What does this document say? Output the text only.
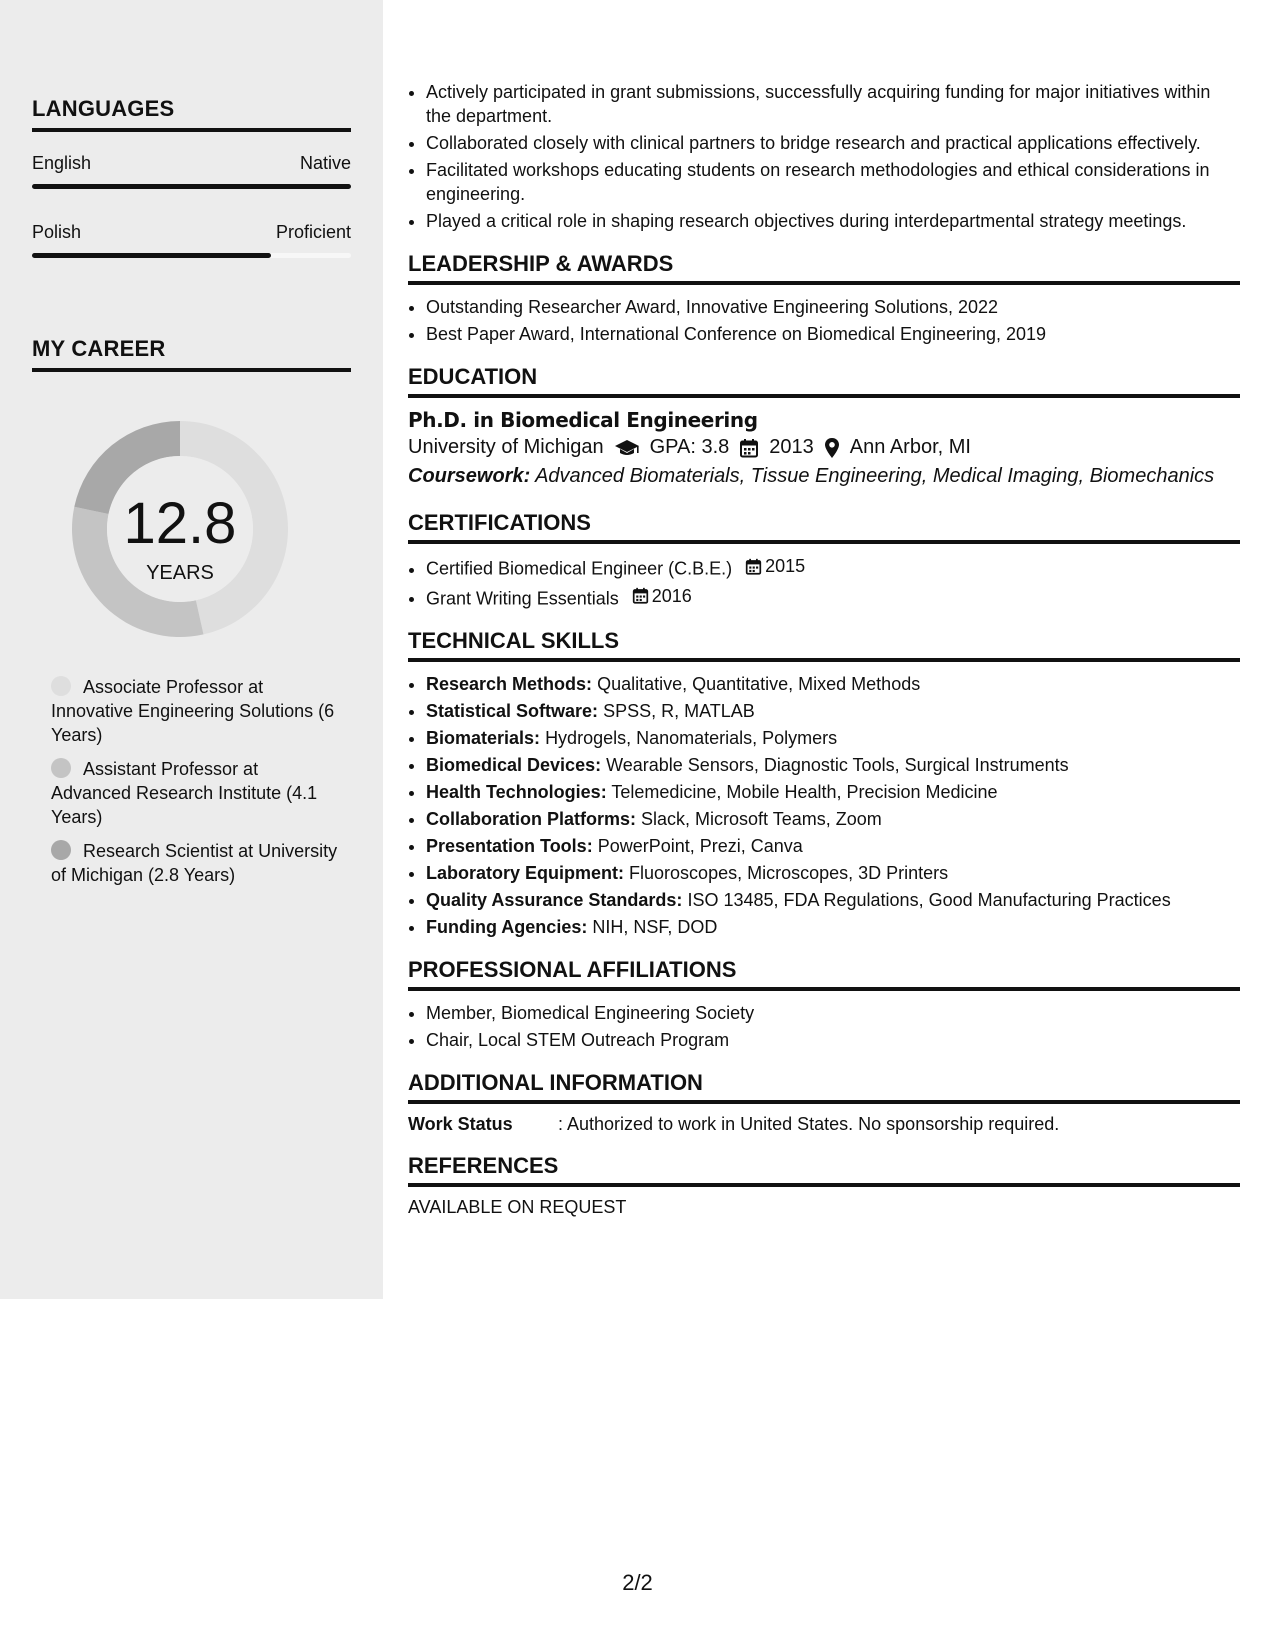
LANGUAGES
English	Native
Polish	Proficient
MY CAREER
12.8
YEARS
Associate Professor at Innovative Engineering Solutions (6 Years)
Assistant Professor at Advanced Research Institute (4.1 Years)
Research Scientist at University of Michigan (2.8 Years)
• Actively participated in grant submissions, successfully acquiring funding for major initiatives within the department.
• Collaborated closely with clinical partners to bridge research and practical applications effectively.
• Facilitated workshops educating students on research methodologies and ethical considerations in engineering.
• Played a critical role in shaping research objectives during interdepartmental strategy meetings.
LEADERSHIP & AWARDS
• Outstanding Researcher Award, Innovative Engineering Solutions, 2022
• Best Paper Award, International Conference on Biomedical Engineering, 2019
EDUCATION
Ph.D. in Biomedical Engineering
University of Michigan GPA: 3.8 2013 Ann Arbor, MI
Coursework: Advanced Biomaterials, Tissue Engineering, Medical Imaging, Biomechanics
CERTIFICATIONS
• Certified Biomedical Engineer (C.B.E.) 2015
• Grant Writing Essentials 2016
TECHNICAL SKILLS
• Research Methods: Qualitative, Quantitative, Mixed Methods
• Statistical Software: SPSS, R, MATLAB
• Biomaterials: Hydrogels, Nanomaterials, Polymers
• Biomedical Devices: Wearable Sensors, Diagnostic Tools, Surgical Instruments
• Health Technologies: Telemedicine, Mobile Health, Precision Medicine
• Collaboration Platforms: Slack, Microsoft Teams, Zoom
• Presentation Tools: PowerPoint, Prezi, Canva
• Laboratory Equipment: Fluoroscopes, Microscopes, 3D Printers
• Quality Assurance Standards: ISO 13485, FDA Regulations, Good Manufacturing Practices
• Funding Agencies: NIH, NSF, DOD
PROFESSIONAL AFFILIATIONS
• Member, Biomedical Engineering Society
• Chair, Local STEM Outreach Program
ADDITIONAL INFORMATION
Work Status	: Authorized to work in United States. No sponsorship required.
REFERENCES
AVAILABLE ON REQUEST
2/2
